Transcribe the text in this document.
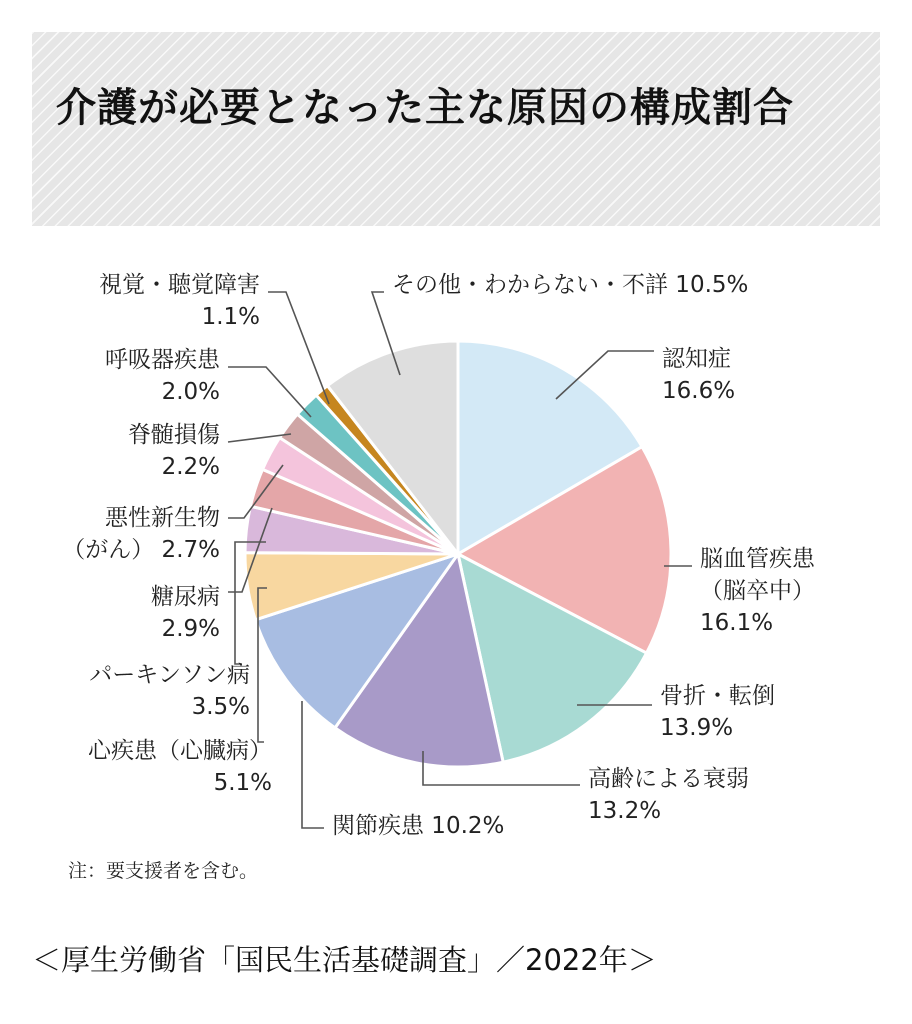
介護が必要となった主な原因の構成割合
認知症 16.6%
脳血管疾患（脳卒中） 16.1%
骨折・転倒 13.9%
高齢による衰弱 13.2%
関節疾患 10.2%
心疾患（心臓病） 5.1%
パーキンソン病 3.5%
糖尿病 2.9%
悪性新生物（がん） 2.7%
脊髄損傷 2.2%
呼吸器疾患 2.0%
視覚・聴覚障害 1.1%
その他・わからない・不詳 10.5%
注：要支援者を含む。

＜厚生労働省「国民生活基礎調査」／2022年＞
